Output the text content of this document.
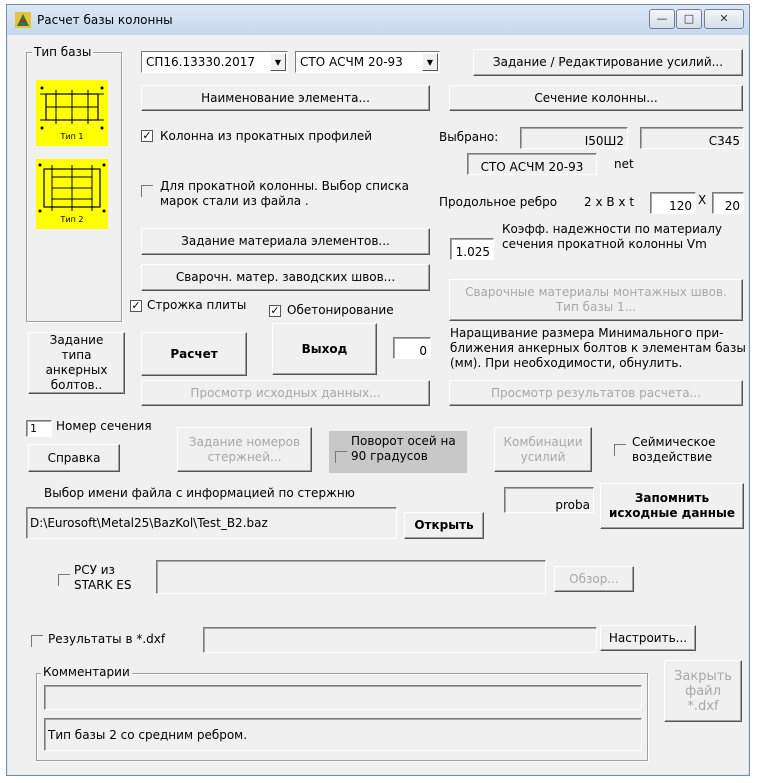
Расчет базы колонны	—	□	✕
Тип базы
Тип 1
Тип 2
СП16.13330.2017	▼	СТО АСЧМ 20-93	▼	Задание / Редактирование усилий...
Наименование элемента...	Сечение колонны...
✓ Колонна из прокатных профилей	Выбрано:	I50Ш2	С345
СТО АСЧМ 20-93	net
Для прокатной колонны. Выбор списка марок стали из файла .	Продольное ребро 2 x B x t	120 X 20
Задание материала элементов...
1.025
Коэфф. надежности по материалу сечения прокатной колонны Vm
Сварочн. матер. заводских швов...
Сварочные материалы монтажных швов. Тип базы 1...
✓ Строжка плиты ✓ Обетонирование
Задание типа анкерных болтов..
Расчет	Выход	0
Наращивание размера Минимального при-ближения анкерных болтов к элементам базы (мм). При необходимости, обнулить.
Просмотр исходных данных...	Просмотр результатов расчета...
1 Номер сечения
Справка
Задание номеров стержней...
Поворот осей на 90 градусов
Комбинации усилий
Сеймическое воздействие
Выбор имени файла с информацией по стержню
proba	Запомнить исходные данные
D:\Eurosoft\Metal25\BazKol\Test_B2.baz	Открыть
РСУ из STARK ES	Обзор...
Результаты в *.dxf	Настроить...
Комментарии
Тип базы 2 со средним ребром.
Закрыть файл *.dxf
